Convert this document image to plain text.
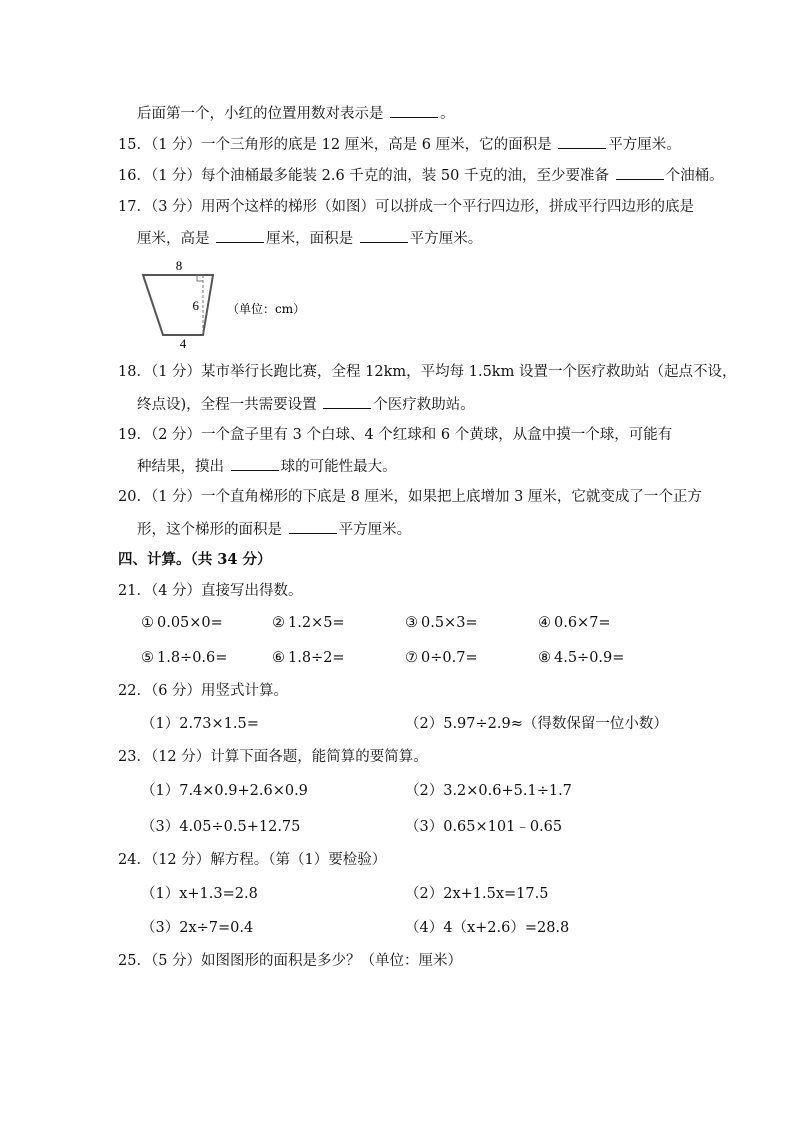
后面第一个，小红的位置用数对表示是	。
15．（1 分）一个三角形的底是 12 厘米，高是 6 厘米，它的面积是	平方厘米。
16．（1 分）每个油桶最多能装 2.6 千克的油，装 50 千克的油，至少要准备	个油桶。
17．（3 分）用两个这样的梯形（如图）可以拼成一个平行四边形，拼成平行四边形的底是
厘米，高是	厘米，面积是	平方厘米。
8
6
4
（单位：cm）
18．（1 分）某市举行长跑比赛，全程 12km，平均每 1.5km 设置一个医疗救助站（起点不设，
终点设)，全程一共需要设置	个医疗救助站。
19．（2 分）一个盒子里有 3 个白球、4 个红球和 6 个黄球，从盒中摸一个球，可能有
种结果，摸出	球的可能性最大。
20．（1 分）一个直角梯形的下底是 8 厘米，如果把上底增加 3 厘米，它就变成了一个正方
形，这个梯形的面积是	平方厘米。
四、计算。（共 34 分）
21．（4 分）直接写出得数。
① 0.05×0=	② 1.2×5=	③ 0.5×3=	④ 0.6×7=
⑤ 1.8÷0.6=	⑥ 1.8÷2=	⑦ 0÷0.7=	⑧ 4.5÷0.9=
22．（6 分）用竖式计算。
（1）2.73×1.5=	（2）5.97÷2.9≈（得数保留一位小数）
23．（12 分）计算下面各题，能简算的要简算。
（1）7.4×0.9+2.6×0.9	（2）3.2×0.6+5.1÷1.7
（3）4.05÷0.5+12.75	（3）0.65×101﹣0.65
24．（12 分）解方程。（第（1）要检验）
（1）x+1.3=2.8	（2）2x+1.5x=17.5
（3）2x÷7=0.4	（4）4（x+2.6）=28.8
25．（5 分）如图图形的面积是多少？（单位：厘米）
